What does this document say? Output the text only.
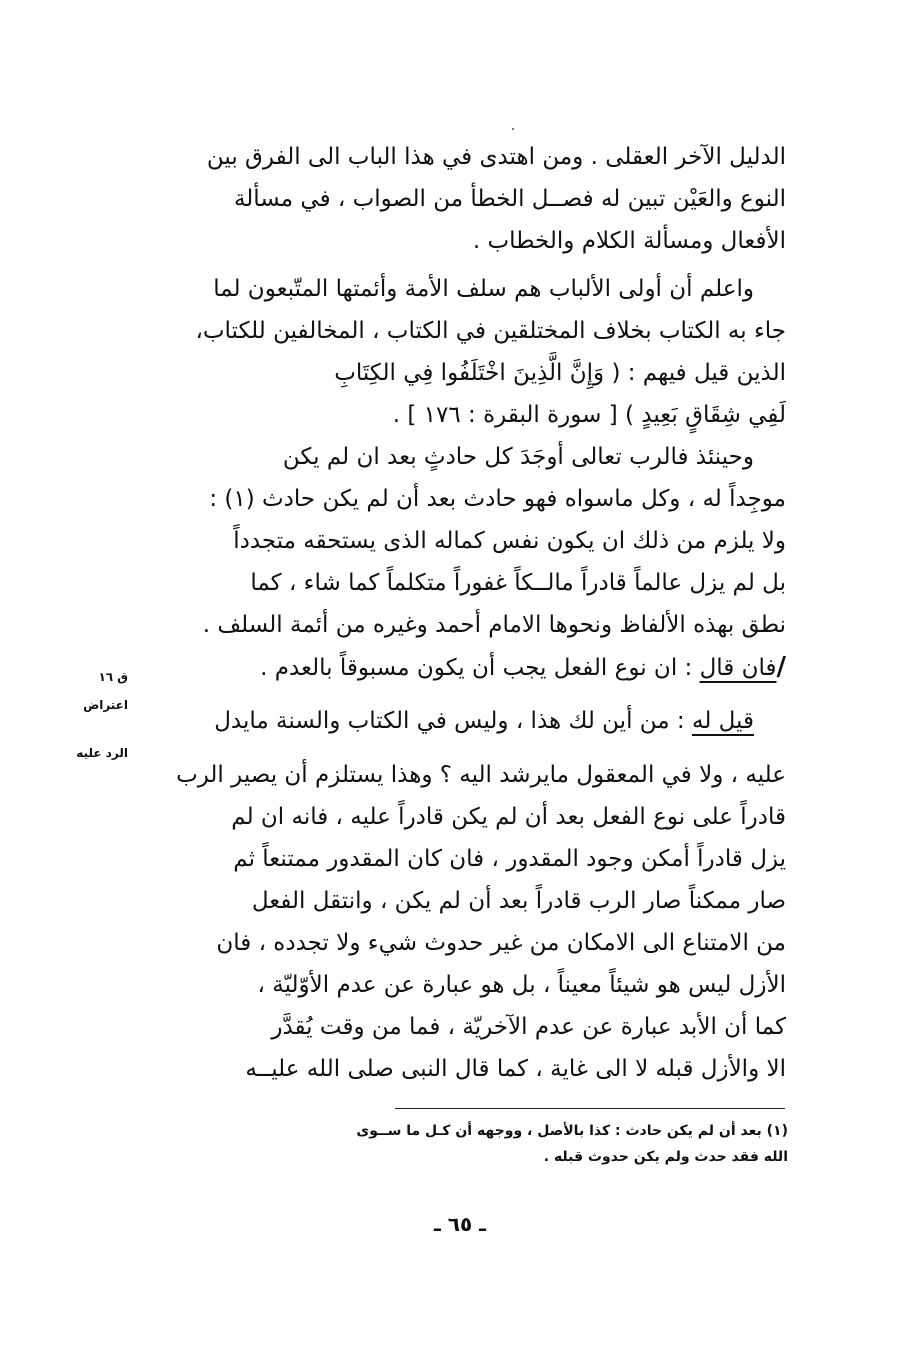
الدليل الآخر العقلى . ومن اهتدى في هذا الباب الى الفرق بين
النوع والعَيْن تبين له فصــل الخطأ من الصواب ، في مسألة
الأفعال ومسألة الكلام والخطاب .
واعلم أن أولى الألباب هم سلف الأمة وأئمتها المتّبعون لما
جاء به الكتاب بخلاف المختلقين في الكتاب ، المخالفين للكتاب،
الذين قيل فيهم : ( وَإِنَّ الَّذِينَ اخْتَلَفُوا فِي الكِتَابِ
لَفِي شِقَاقٍ بَعِيدٍ ) [ سورة البقرة : ١٧٦ ] .
وحينئذ فالرب تعالى أوجَدَ كل حادثٍ بعد ان لم يكن
موجِداً له ، وكل ماسواه فهو حادث بعد أن لم يكن حادث (١) :
ولا يلزم من ذلك ان يكون نفس كماله الذى يستحقه متجدداً
بل لم يزل عالماً قادراً مالــكاً غفوراً متكلماً كما شاء ، كما
نطق بهذه الألفاظ ونحوها الامام أحمد وغيره من أئمة السلف .
/فان قال : ان نوع الفعل يجب أن يكون مسبوقاً بالعدم .
قيل له : من أين لك هذا ، وليس في الكتاب والسنة مايدل
عليه ، ولا في المعقول مايرشد اليه ؟ وهذا يستلزم أن يصير الرب
قادراً على نوع الفعل بعد أن لم يكن قادراً عليه ، فانه ان لم
يزل قادراً أمكن وجود المقدور ، فان كان المقدور ممتنعاً ثم
صار ممكناً صار الرب قادراً بعد أن لم يكن ، وانتقل الفعل
من الامتناع الى الامكان من غير حدوث شيء ولا تجدده ، فان
الأزل ليس هو شيئاً معيناً ، بل هو عبارة عن عدم الأوّليّة ،
كما أن الأبد عبارة عن عدم الآخريّة ، فما من وقت يُقدَّر
الا والأزل قبله لا الى غاية ، كما قال النبى صلى الله عليــه
ق ١٦
اعتراض
الرد عليه
(١) بعد أن لم يكن حادث : كذا بالأصل ، ووجهه أن كـل ما ســوى
الله فقد حدث ولم يكن حدوث قبله .
ـ ٦٥ ـ
